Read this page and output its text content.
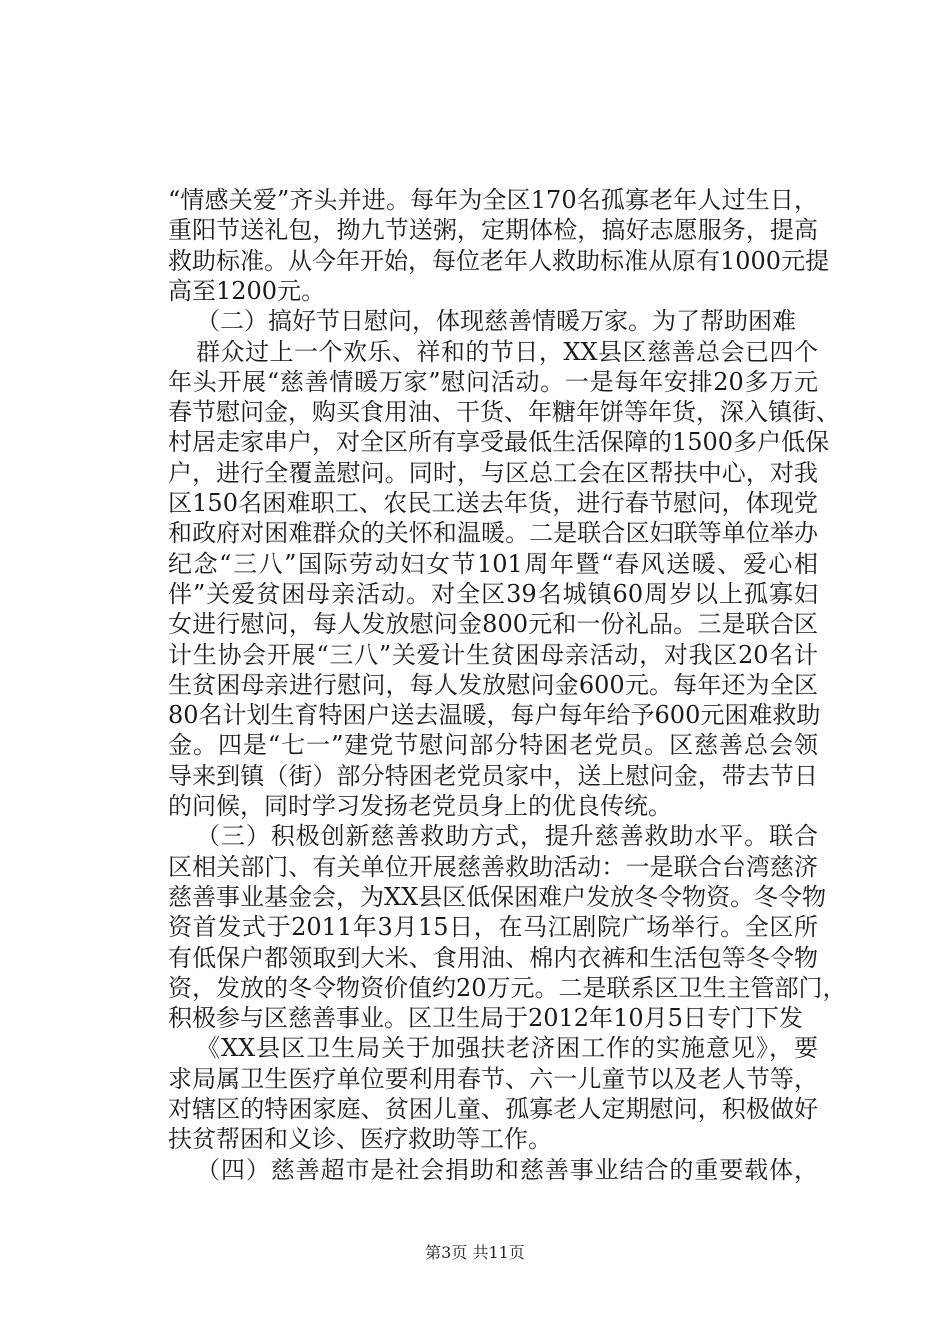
“情感关爱”齐头并进。每年为全区170名孤寡老年人过生日，
重阳节送礼包，拗九节送粥，定期体检，搞好志愿服务，提高
救助标准。从今年开始，每位老年人救助标准从原有1000元提
高至1200元。
（二）搞好节日慰问，体现慈善情暖万家。为了帮助困难
群众过上一个欢乐、祥和的节日，XX县区慈善总会已四个
年头开展“慈善情暖万家”慰问活动。一是每年安排20多万元
春节慰问金，购买食用油、干货、年糖年饼等年货，深入镇街、
村居走家串户，对全区所有享受最低生活保障的1500多户低保
户，进行全覆盖慰问。同时，与区总工会在区帮扶中心，对我
区150名困难职工、农民工送去年货，进行春节慰问，体现党
和政府对困难群众的关怀和温暖。二是联合区妇联等单位举办
纪念“三八”国际劳动妇女节101周年暨“春风送暖、爱心相
伴”关爱贫困母亲活动。对全区39名城镇60周岁以上孤寡妇
女进行慰问，每人发放慰问金800元和一份礼品。三是联合区
计生协会开展“三八”关爱计生贫困母亲活动，对我区20名计
生贫困母亲进行慰问，每人发放慰问金600元。每年还为全区
80名计划生育特困户送去温暖，每户每年给予600元困难救助
金。四是“七一”建党节慰问部分特困老党员。区慈善总会领
导来到镇（街）部分特困老党员家中，送上慰问金，带去节日
的问候，同时学习发扬老党员身上的优良传统。
（三）积极创新慈善救助方式，提升慈善救助水平。联合
区相关部门、有关单位开展慈善救助活动：一是联合台湾慈济
慈善事业基金会，为XX县区低保困难户发放冬令物资。冬令物
资首发式于2011年3月15日，在马江剧院广场举行。全区所
有低保户都领取到大米、食用油、棉内衣裤和生活包等冬令物
资，发放的冬令物资价值约20万元。二是联系区卫生主管部门，
积极参与区慈善事业。区卫生局于2012年10月5日专门下发
《XX县区卫生局关于加强扶老济困工作的实施意见》，要
求局属卫生医疗单位要利用春节、六一儿童节以及老人节等，
对辖区的特困家庭、贫困儿童、孤寡老人定期慰问，积极做好
扶贫帮困和义诊、医疗救助等工作。
（四）慈善超市是社会捐助和慈善事业结合的重要载体，
第3页 共11页
